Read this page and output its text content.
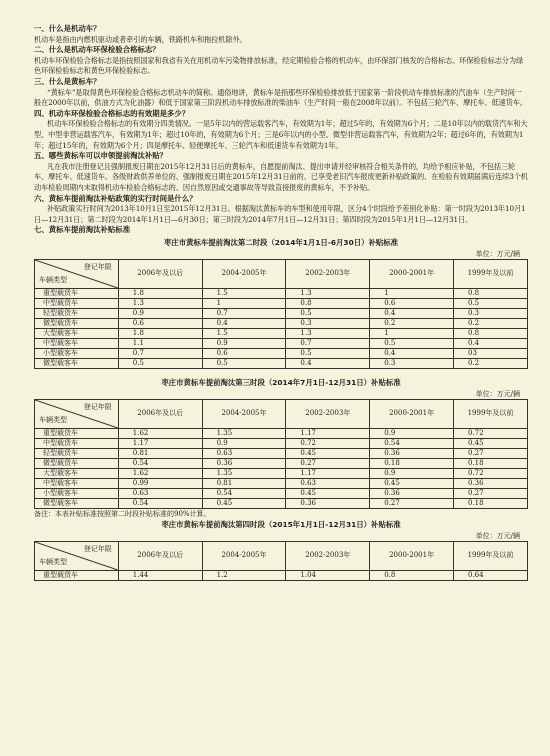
一、什么是机动车？

机动车是指由内燃机驱动或者牵引的车辆，铁路机车和拖拉机除外。

二、什么是机动车环保检验合格标志？

机动车环保检验合格标志是指按照国家和我省有关在用机动车污染物排放标准，经定期检验合格的机动车，由环保部门核发的合格标志。环保检验标志分为绿色环保检验标志和黄色环保检验标志。

三、什么是黄标车？

“黄标车”是取得黄色环保检验合格标志机动车的简称。通俗地讲，黄标车是指那些环保检验排放低于国家第一阶段机动车排放标准的汽油车（生产时间一般在2000年以前，供油方式为化油器）和低于国家第三阶段机动车排放标准的柴油车（生产时间一般在2008年以前）。不包括三轮汽车、摩托车、低速货车。

四、机动车环保检验合格标志的有效期是多少？

机动车环保检验合格标志的有效期分四类情况。一是5年以内的营运载客汽车，有效期为1年；超过5年的，有效期为6个月；二是10年以内的载货汽车和大型、中型非营运载客汽车，有效期为1年；超过10年的，有效期为6个月；三是6年以内的小型、微型非营运载客汽车，有效期为2年；超过6年的，有效期为1年；超过15年的，有效期为6个月；四是摩托车、轻便摩托车、三轮汽车和低速货车有效期为1年。

五、哪些黄标车可以申领提前淘汰补贴？

凡在我市注册登记且强制报废日期在2015年12月31日后的黄标车，自愿提前淘汰、提出申请并经审核符合相关条件的，均给予相应补贴，不包括三轮车、摩托车、低速货车。各级财政供养单位的、强制报废日期在2015年12月31日前的、已享受老旧汽车报废更新补贴政策的、在检验有效期届满后连续3个机动车检验周期内未取得机动车检验合格标志的、因自然原因或交通事故等导致直接报废的黄标车，不予补贴。

六、黄标车提前淘汰补贴政策的实行时间是什么？

补贴政策实行时间为2013年10月1日至2015年12月31日。根据淘汰黄标车的车型和使用年限，区分4个时段给予差别化补贴：第一时段为2013年10月1日—12月31日；第二时段为2014年1月1日—6月30日；第三时段为2014年7月1日—12月31日；第四时段为2015年1月1日—12月31日。

七、黄标车提前淘汰补贴标准

枣庄市黄标车提前淘汰第二时段（2014年1月1日-6月30日）补贴标准

单位：万元/辆

登记年限
车辆类型	2006年及以后	2004-2005年	2002-2003年	2000-2001年	1999年及以前
重型载货车	1.8	1.5	1.3	1	0.8
中型载货车	1.3	1	0.8	0.6	0.5
轻型载货车	0.9	0.7	0.5	0.4	0.3
微型载货车	0.6	0.4	0.3	0.2	0.2
大型载客车	1.8	1.5	1.3	1	0.8
中型载客车	1.1	0.9	0.7	0.5	0.4
小型载客车	0.7	0.6	0.5	0.4	03
微型载客车	0.5	0.5	0.4	0.3	0.2

枣庄市黄标车提前淘汰第三时段（2014年7月1日-12月31日）补贴标准

单位：万元/辆

登记年限
车辆类型	2006年及以后	2004-2005年	2002-2003年	2000-2001年	1999年及以前
重型载货车	1.62	1.35	1.17	0.9	0.72
中型载货车	1.17	0.9	0.72	0.54	0.45
轻型载货车	0.81	0.63	0.45	0.36	0.27
微型载货车	0.54	0.36	0.27	0.18	0.18
大型载客车	1.62	1.35	1.17	0.9	0.72
中型载客车	0.99	0.81	0.63	0.45	0.36
小型载客车	0.63	0.54	0.45	0.36	0.27
微型载客车	0.54	0.45	0.36	0.27	0.18

备注：本表补贴标准按照第二时段补贴标准的90%计算。

枣庄市黄标车提前淘汰第四时段（2015年1月1日-12月31日）补贴标准

单位：万元/辆

登记年限
车辆类型	2006年及以后	2004-2005年	2002-2003年	2000-2001年	1999年及以前
重型载货车	1.44	1.2	1.04	0.8	0.64
